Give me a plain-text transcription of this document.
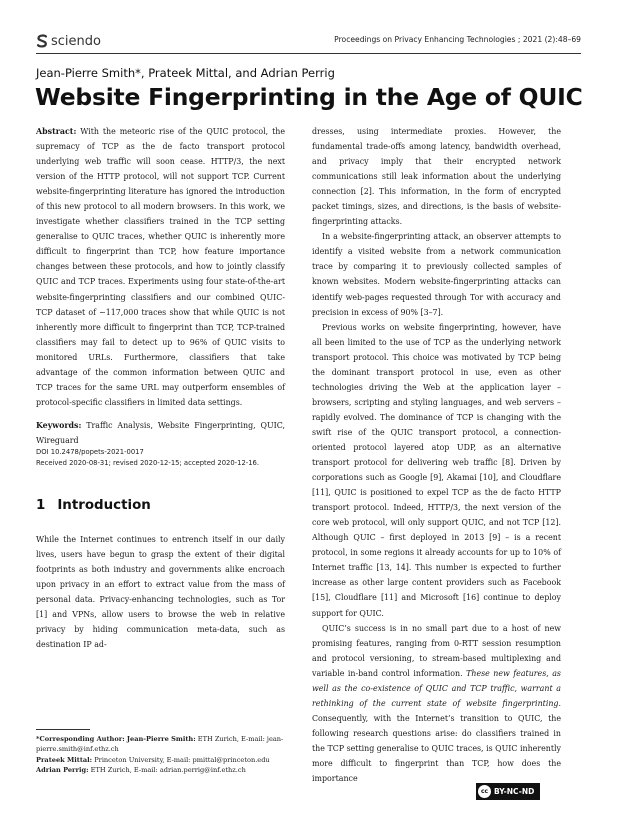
sciendo	Proceedings on Privacy Enhancing Technologies ; 2021 (2):48–69
Jean-Pierre Smith*, Prateek Mittal, and Adrian Perrig
Website Fingerprinting in the Age of QUIC

Abstract: With the meteoric rise of the QUIC protocol, the supremacy of TCP as the de facto transport protocol underlying web traffic will soon cease. HTTP/3, the next version of the HTTP protocol, will not support TCP. Current website-fingerprinting literature has ignored the introduction of this new protocol to all modern browsers. In this work, we investigate whether classifiers trained in the TCP setting generalise to QUIC traces, whether QUIC is inherently more difficult to fingerprint than TCP, how feature importance changes between these protocols, and how to jointly classify QUIC and TCP traces. Experiments using four state-of-the-art website-fingerprinting classifiers and our combined QUIC-TCP dataset of ∼117,000 traces show that while QUIC is not inherently more difficult to fingerprint than TCP, TCP-trained classifiers may fail to detect up to 96% of QUIC visits to monitored URLs. Furthermore, classifiers that take advantage of the common information between QUIC and TCP traces for the same URL may outperform ensembles of protocol-specific classifiers in limited data settings.

Keywords: Traffic Analysis, Website Fingerprinting, QUIC, Wireguard

DOI 10.2478/popets-2021-0017
Received 2020-08-31; revised 2020-12-15; accepted 2020-12-16.
1 Introduction

While the Internet continues to entrench itself in our daily lives, users have begun to grasp the extent of their digital footprints as both industry and governments alike encroach upon privacy in an effort to extract value from the mass of personal data. Privacy-enhancing technologies, such as Tor [1] and VPNs, allow users to browse the web in relative privacy by hiding communication meta-data, such as destination IP ad-

*Corresponding Author: Jean-Pierre Smith: ETH Zurich, E-mail: jean-pierre.smith@inf.ethz.ch

Prateek Mittal: Princeton University, E-mail: pmittal@princeton.edu

Adrian Perrig: ETH Zurich, E-mail: adrian.perrig@inf.ethz.ch

dresses, using intermediate proxies. However, the fundamental trade-offs among latency, bandwidth overhead, and privacy imply that their encrypted network communications still leak information about the underlying connection [2]. This information, in the form of encrypted packet timings, sizes, and directions, is the basis of website-fingerprinting attacks.

In a website-fingerprinting attack, an observer attempts to identify a visited website from a network communication trace by comparing it to previously collected samples of known websites. Modern website-fingerprinting attacks can identify web-pages requested through Tor with accuracy and precision in excess of 90% [3–7].

Previous works on website fingerprinting, however, have all been limited to the use of TCP as the underlying network transport protocol. This choice was motivated by TCP being the dominant transport protocol in use, even as other technologies driving the Web at the application layer – browsers, scripting and styling languages, and web servers – rapidly evolved. The dominance of TCP is changing with the swift rise of the QUIC transport protocol, a connection-oriented protocol layered atop UDP, as an alternative transport protocol for delivering web traffic [8]. Driven by corporations such as Google [9], Akamai [10], and Cloudflare [11], QUIC is positioned to expel TCP as the de facto HTTP transport protocol. Indeed, HTTP/3, the next version of the core web protocol, will only support QUIC, and not TCP [12]. Although QUIC – first deployed in 2013 [9] – is a recent protocol, in some regions it already accounts for up to 10% of Internet traffic [13, 14]. This number is expected to further increase as other large content providers such as Facebook [15], Cloudflare [11] and Microsoft [16] continue to deploy support for QUIC.

QUIC’s success is in no small part due to a host of new promising features, ranging from 0-RTT session resumption and protocol versioning, to stream-based multiplexing and variable in-band control information. These new features, as well as the co-existence of QUIC and TCP traffic, warrant a rethinking of the current state of website fingerprinting. Consequently, with the Internet’s transition to QUIC, the following research questions arise: do classifiers trained in the TCP setting generalise to QUIC traces, is QUIC inherently more difficult to fingerprint than TCP, how does the importance

cc BY-NC-ND
